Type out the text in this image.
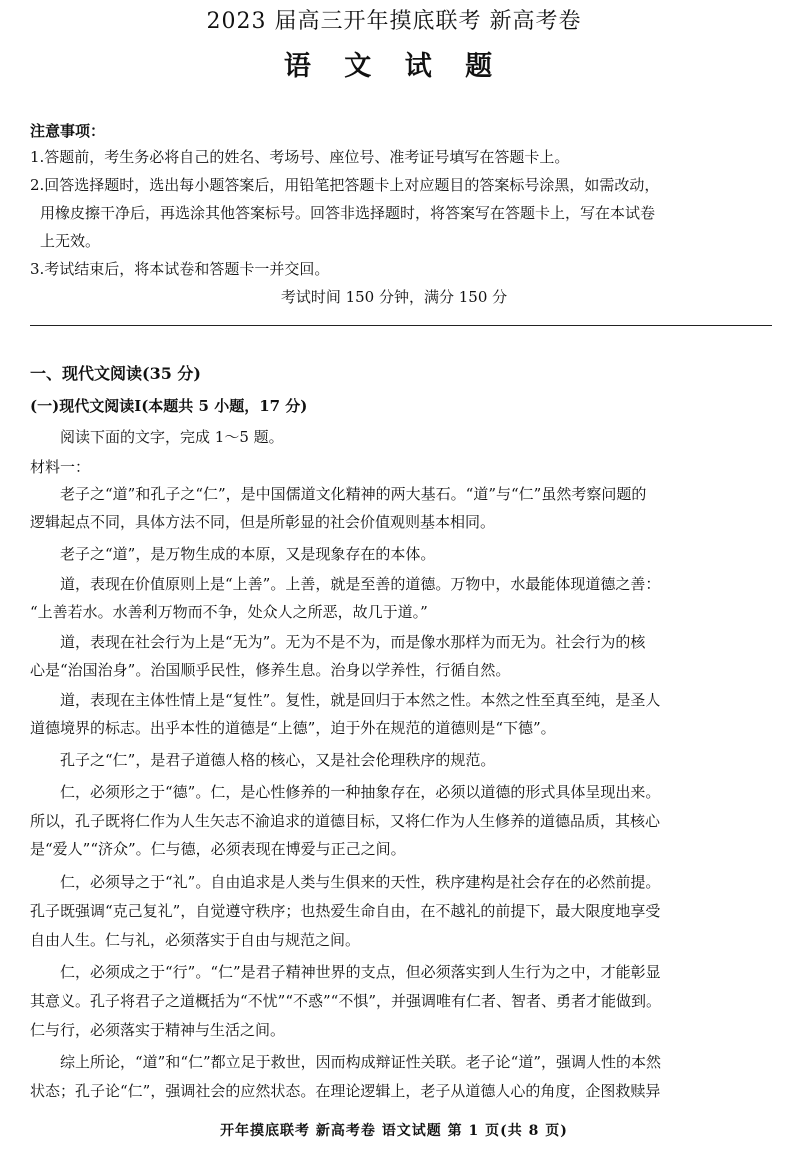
2023 届高三开年摸底联考 新高考卷
语 文 试 题
注意事项：
1.答题前，考生务必将自己的姓名、考场号、座位号、准考证号填写在答题卡上。
2.回答选择题时，选出每小题答案后，用铅笔把答题卡上对应题目的答案标号涂黑，如需改动，
用橡皮擦干净后，再选涂其他答案标号。回答非选择题时，将答案写在答题卡上，写在本试卷
上无效。
3.考试结束后，将本试卷和答题卡一并交回。
考试时间 150 分钟，满分 150 分
一、现代文阅读(35 分)
(一)现代文阅读Ⅰ(本题共 5 小题，17 分)
阅读下面的文字，完成 1～5 题。
材料一：
老子之“道”和孔子之“仁”，是中国儒道文化精神的两大基石。“道”与“仁”虽然考察问题的
逻辑起点不同，具体方法不同，但是所彰显的社会价值观则基本相同。
老子之“道”，是万物生成的本原，又是现象存在的本体。
道，表现在价值原则上是“上善”。上善，就是至善的道德。万物中，水最能体现道德之善：
“上善若水。水善利万物而不争，处众人之所恶，故几于道。”
道，表现在社会行为上是“无为”。无为不是不为，而是像水那样为而无为。社会行为的核
心是“治国治身”。治国顺乎民性，修养生息。治身以学养性，行循自然。
道，表现在主体性情上是“复性”。复性，就是回归于本然之性。本然之性至真至纯，是圣人
道德境界的标志。出乎本性的道德是“上德”，迫于外在规范的道德则是“下德”。
孔子之“仁”，是君子道德人格的核心，又是社会伦理秩序的规范。
仁，必须形之于“德”。仁，是心性修养的一种抽象存在，必须以道德的形式具体呈现出来。
所以，孔子既将仁作为人生矢志不渝追求的道德目标，又将仁作为人生修养的道德品质，其核心
是“爱人”“济众”。仁与德，必须表现在博爱与正己之间。
仁，必须导之于“礼”。自由追求是人类与生俱来的天性，秩序建构是社会存在的必然前提。
孔子既强调“克己复礼”，自觉遵守秩序；也热爱生命自由，在不越礼的前提下，最大限度地享受
自由人生。仁与礼，必须落实于自由与规范之间。
仁，必须成之于“行”。“仁”是君子精神世界的支点，但必须落实到人生行为之中，才能彰显
其意义。孔子将君子之道概括为“不忧”“不惑”“不惧”，并强调唯有仁者、智者、勇者才能做到。
仁与行，必须落实于精神与生活之间。
综上所论，“道”和“仁”都立足于救世，因而构成辩证性关联。老子论“道”，强调人性的本然
状态；孔子论“仁”，强调社会的应然状态。在理论逻辑上，老子从道德人心的角度，企图救赎异
开年摸底联考 新高考卷 语文试题 第 1 页(共 8 页)
